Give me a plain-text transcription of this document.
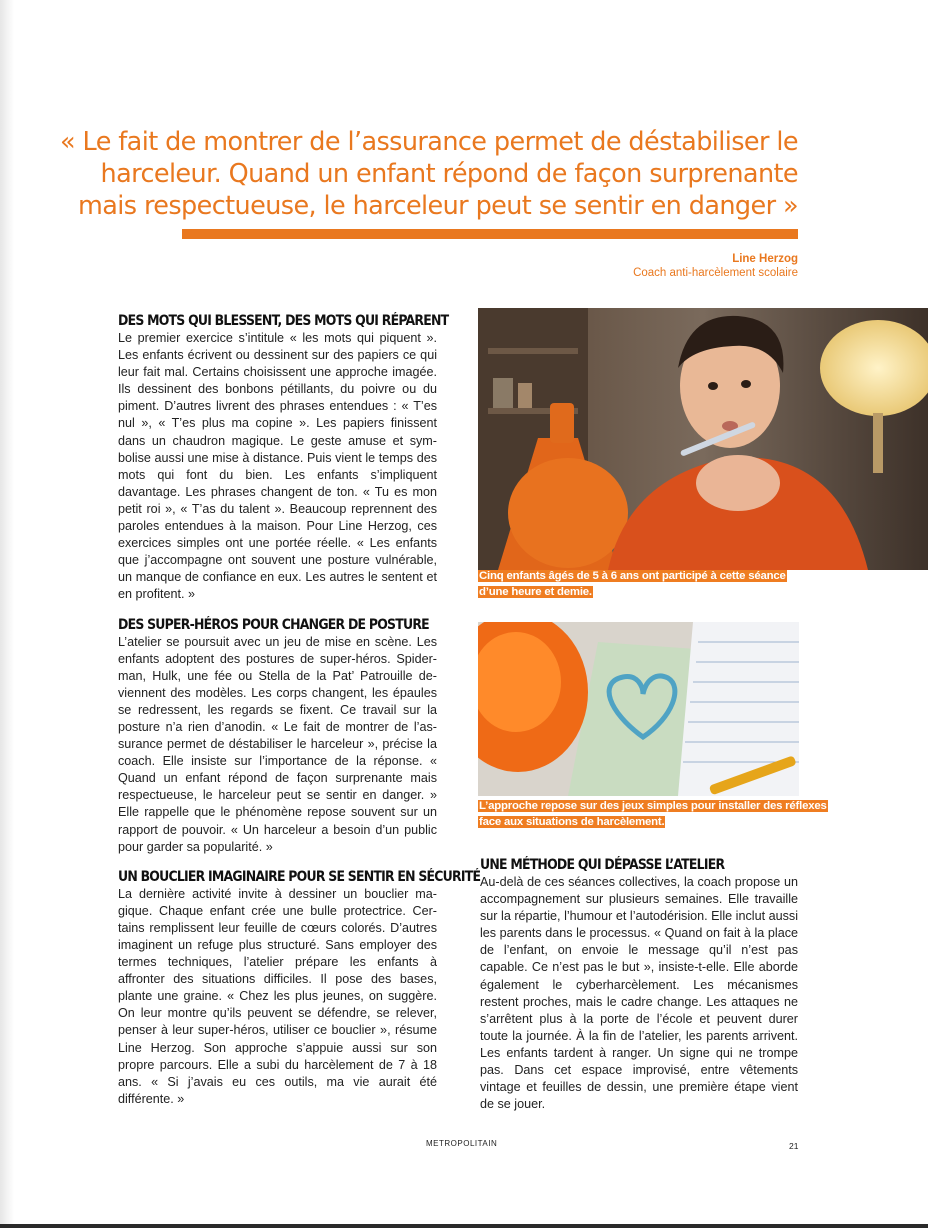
« Le fait de montrer de l’assurance permet de déstabiliser le harceleur. Quand un enfant répond de façon surprenante mais respectueuse, le harceleur peut se sentir en danger »

Line Herzog
Coach anti-harcèlement scolaire
DES MOTS QUI BLESSENT, DES MOTS QUI RÉPARENT

Le premier exercice s’intitule « les mots qui piquent ». Les enfants écrivent ou dessinent sur des papiers ce qui leur fait mal. Certains choisissent une approche imagée. Ils dessinent des bonbons pétillants, du poivre ou du piment. D’autres livrent des phrases entendues : « T’es nul », « T’es plus ma copine ». Les papiers finissent dans un chaudron magique. Le geste amuse et symbolise aussi une mise à distance. Puis vient le temps des mots qui font du bien. Les enfants s’impliquent davantage. Les phrases changent de ton. « Tu es mon petit roi », « T’as du talent ». Beaucoup reprennent des paroles entendues à la maison. Pour Line Herzog, ces exercices simples ont une portée réelle. « Les enfants que j’accompagne ont souvent une posture vulnérable, un manque de confiance en eux. Les autres le sentent et en profitent. »

DES SUPER-HÉROS POUR CHANGER DE POSTURE

L’atelier se poursuit avec un jeu de mise en scène. Les enfants adoptent des postures de super-héros. Spiderman, Hulk, une fée ou Stella de la Pat’ Patrouille deviennent des modèles. Les corps changent, les épaules se redressent, les regards se fixent. Ce travail sur la posture n’a rien d’anodin. « Le fait de montrer de l’assurance permet de déstabiliser le harceleur », précise la coach. Elle insiste sur l’importance de la réponse. « Quand un enfant répond de façon surprenante mais respectueuse, le harceleur peut se sentir en danger. » Elle rappelle que le phénomène repose souvent sur un rapport de pouvoir. « Un harceleur a besoin d’un public pour garder sa popularité. »

UN BOUCLIER IMAGINAIRE POUR SE SENTIR EN SÉCURITÉ

La dernière activité invite à dessiner un bouclier magique. Chaque enfant crée une bulle protectrice. Certains remplissent leur feuille de cœurs colorés. D’autres imaginent un refuge plus structuré. Sans employer des termes techniques, l’atelier prépare les enfants à affronter des situations difficiles. Il pose des bases, plante une graine. « Chez les plus jeunes, on suggère. On leur montre qu’ils peuvent se défendre, se relever, penser à leur super-héros, utiliser ce bouclier », résume Line Herzog. Son approche s’appuie aussi sur son propre parcours. Elle a subi du harcèlement de 7 à 18 ans. « Si j’avais eu ces outils, ma vie aurait été différente. »

Cinq enfants âgés de 5 à 6 ans ont participé à cette séance d’une heure et demie.
L’approche repose sur des jeux simples pour installer des réflexes face aux situations de harcèlement.
UNE MÉTHODE QUI DÉPASSE L’ATELIER

Au-delà de ces séances collectives, la coach propose un accompagnement sur plusieurs semaines. Elle travaille sur la répartie, l’humour et l’autodérision. Elle inclut aussi les parents dans le processus. « Quand on fait à la place de l’enfant, on envoie le message qu’il n’est pas capable. Ce n’est pas le but », insiste-t-elle. Elle aborde également le cyberharcèlement. Les mécanismes restent proches, mais le cadre change. Les attaques ne s’arrêtent plus à la porte de l’école et peuvent durer toute la journée. À la fin de l’atelier, les parents arrivent. Les enfants tardent à ranger. Un signe qui ne trompe pas. Dans cet espace improvisé, entre vêtements vintage et feuilles de dessin, une première étape vient de se jouer.

METROPOLITAIN	21
